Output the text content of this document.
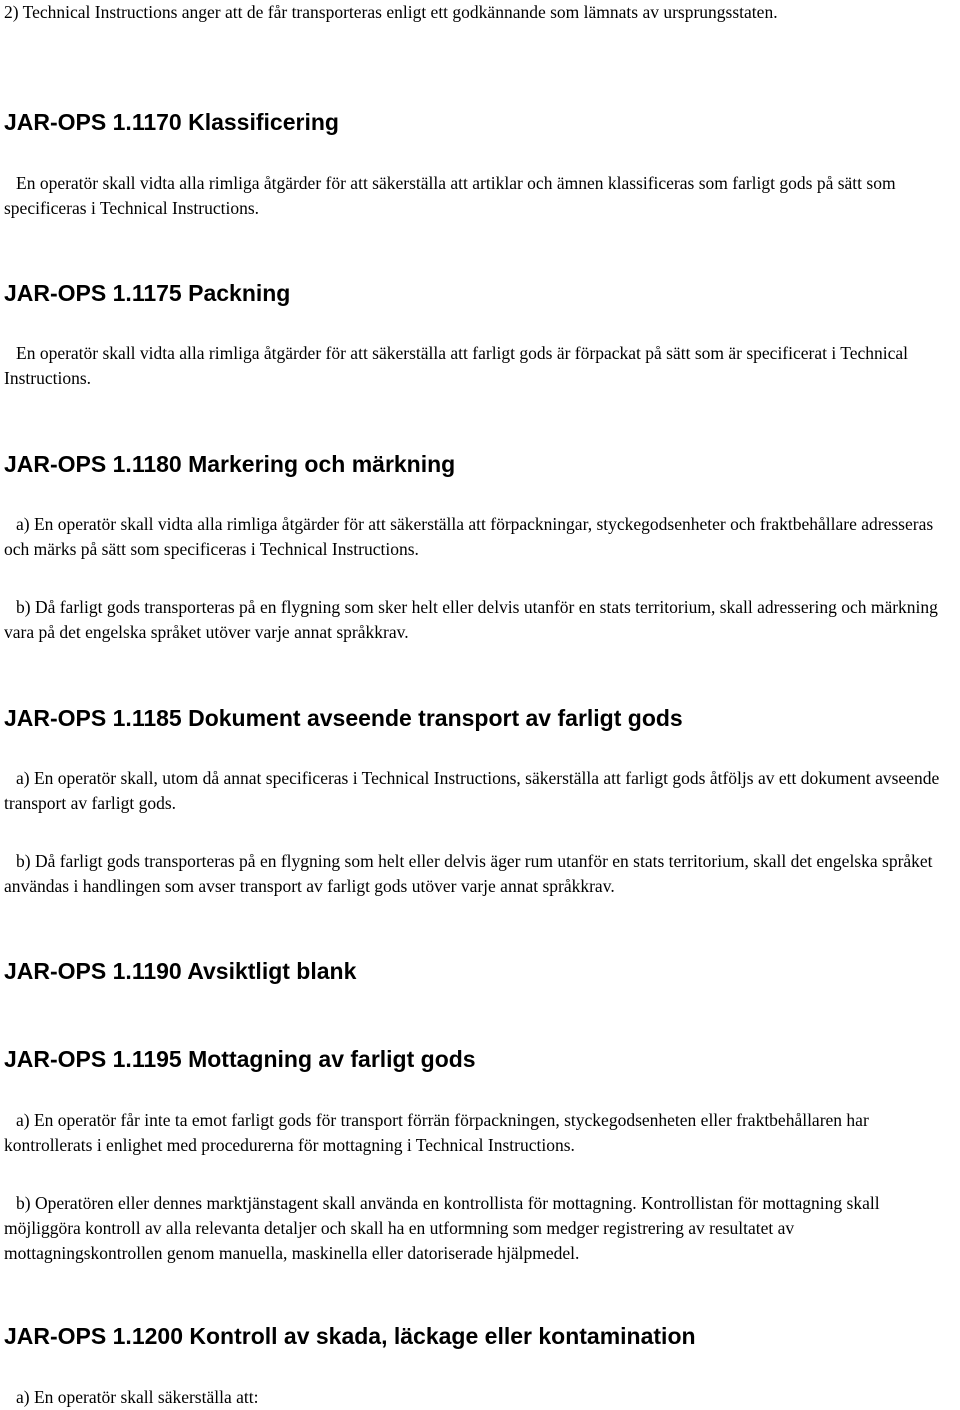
2) Technical Instructions anger att de får transporteras enligt ett godkännande som lämnats av ursprungsstaten.

JAR-OPS 1.1170 Klassificering

En operatör skall vidta alla rimliga åtgärder för att säkerställa att artiklar och ämnen klassificeras som farligt gods på sätt som specificeras i Technical Instructions.

JAR-OPS 1.1175 Packning

En operatör skall vidta alla rimliga åtgärder för att säkerställa att farligt gods är förpackat på sätt som är specificerat i Technical Instructions.

JAR-OPS 1.1180 Markering och märkning

a) En operatör skall vidta alla rimliga åtgärder för att säkerställa att förpackningar, styckegodsenheter och fraktbehållare adresseras och märks på sätt som specificeras i Technical Instructions.

b) Då farligt gods transporteras på en flygning som sker helt eller delvis utanför en stats territorium, skall adressering och märkning vara på det engelska språket utöver varje annat språkkrav.

JAR-OPS 1.1185 Dokument avseende transport av farligt gods

a) En operatör skall, utom då annat specificeras i Technical Instructions, säkerställa att farligt gods åtföljs av ett dokument avseende transport av farligt gods.

b) Då farligt gods transporteras på en flygning som helt eller delvis äger rum utanför en stats territorium, skall det engelska språket användas i handlingen som avser transport av farligt gods utöver varje annat språkkrav.

JAR-OPS 1.1190 Avsiktligt blank
JAR-OPS 1.1195 Mottagning av farligt gods

a) En operatör får inte ta emot farligt gods för transport förrän förpackningen, styckegodsenheten eller fraktbehållaren har kontrollerats i enlighet med procedurerna för mottagning i Technical Instructions.

b) Operatören eller dennes marktjänstagent skall använda en kontrollista för mottagning. Kontrollistan för mottagning skall möjliggöra kontroll av alla relevanta detaljer och skall ha en utformning som medger registrering av resultatet av mottagningskontrollen genom manuella, maskinella eller datoriserade hjälpmedel.

JAR-OPS 1.1200 Kontroll av skada, läckage eller kontamination

a) En operatör skall säkerställa att:
